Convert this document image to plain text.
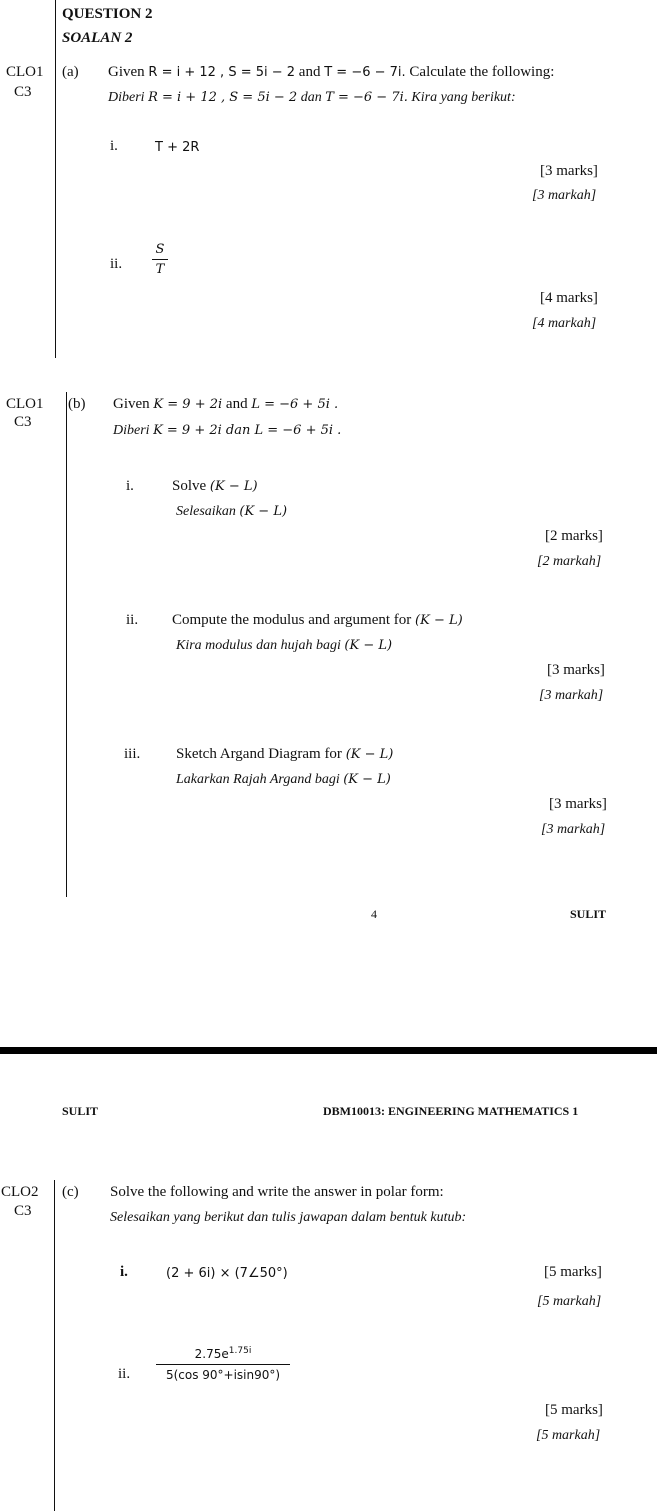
QUESTION 2
SOALAN 2
CLO1
C3
(a) Given R = i + 12 , S = 5i − 2 and T = −6 − 7i. Calculate the following:
Diberi R = i + 12 , S = 5i − 2 dan T = −6 − 7i. Kira yang berikut:
i.	T + 2R
[3 marks]
[3 markah]
ii.
S
T
[4 marks]
[4 markah]
CLO1
C3
(b) Given K = 9 + 2i and L = −6 + 5i .
Diberi K = 9 + 2i dan L = −6 + 5i .
i.	Solve (K − L)
Selesaikan (K − L)
[2 marks]
[2 markah]
ii. Compute the modulus and argument for (K − L)
Kira modulus dan hujah bagi (K − L)
[3 marks]
[3 markah]
iii. Sketch Argand Diagram for (K − L)
Lakarkan Rajah Argand bagi (K − L)
[3 marks]
[3 markah]
4	SULIT
SULIT	DBM10013: ENGINEERING MATHEMATICS 1
CLO2
C3
(c) Solve the following and write the answer in polar form:
Selesaikan yang berikut dan tulis jawapan dalam bentuk kutub:
i.	(2 + 6i) × (7∠50°)	[5 marks]
[5 markah]
ii.
$2.75e^{1.75i}$
5(cos 90°+isin90°)
[5 marks]
[5 markah]
